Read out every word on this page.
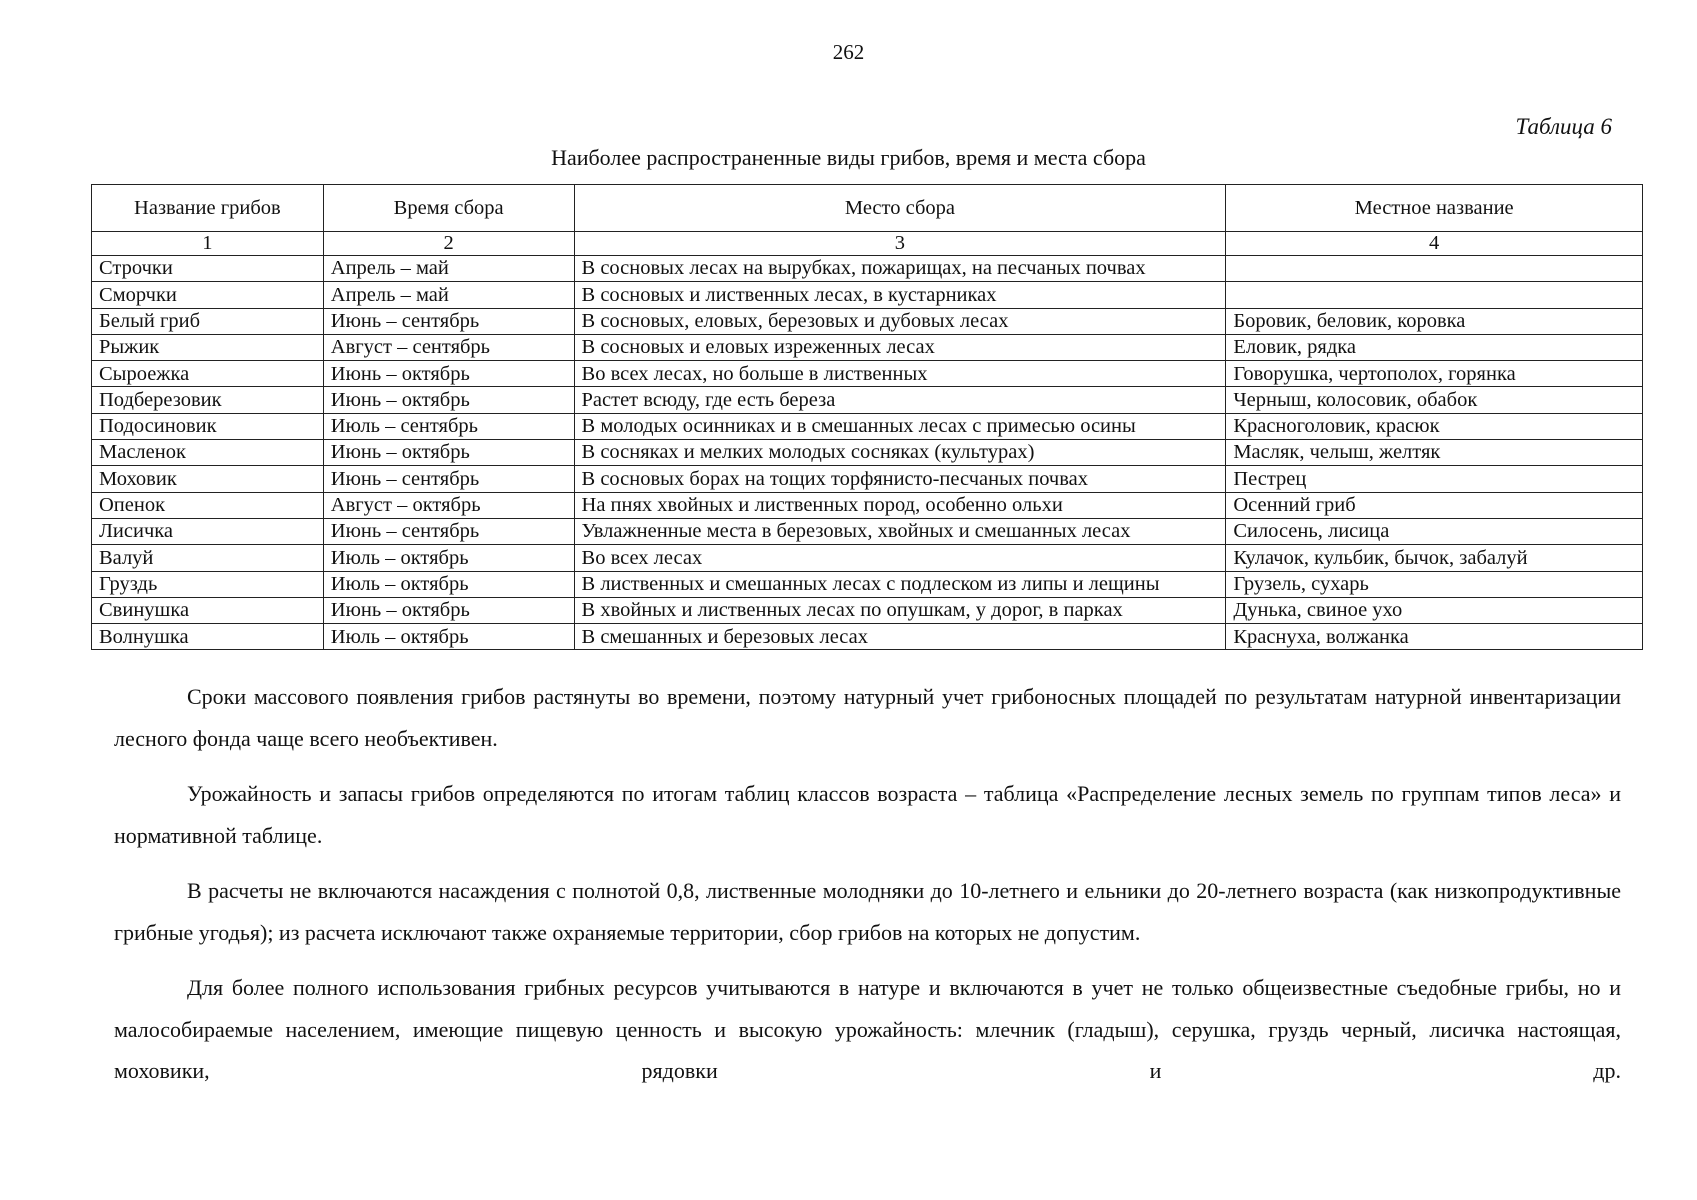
262
Таблица 6
Наиболее распространенные виды грибов, время и места сбора
Название грибов	Время сбора	Место сбора	Местное название
1	2	3	4
Строчки	Апрель – май	В сосновых лесах на вырубках, пожарищах, на песчаных почвах	
Сморчки	Апрель – май	В сосновых и лиственных лесах, в кустарниках	
Белый гриб	Июнь – сентябрь	В сосновых, еловых, березовых и дубовых лесах	Боровик, беловик, коровка
Рыжик	Август – сентябрь	В сосновых и еловых изреженных лесах	Еловик, рядка
Сыроежка	Июнь – октябрь	Во всех лесах, но больше в лиственных	Говорушка, чертополох, горянка
Подберезовик	Июнь – октябрь	Растет всюду, где есть береза	Черныш, колосовик, обабок
Подосиновик	Июль – сентябрь	В молодых осинниках и в смешанных лесах с примесью осины	Красноголовик, красюк
Масленок	Июнь – октябрь	В сосняках и мелких молодых сосняках (культурах)	Масляк, челыш, желтяк
Моховик	Июнь – сентябрь	В сосновых борах на тощих торфянисто-песчаных почвах	Пестрец
Опенок	Август – октябрь	На пнях хвойных и лиственных пород, особенно ольхи	Осенний гриб
Лисичка	Июнь – сентябрь	Увлажненные места в березовых, хвойных и смешанных лесах	Силосень, лисица
Валуй	Июль – октябрь	Во всех лесах	Кулачок, кульбик, бычок, забалуй
Груздь	Июль – октябрь	В лиственных и смешанных лесах с подлеском из липы и лещины	Грузель, сухарь
Свинушка	Июнь – октябрь	В хвойных и лиственных лесах по опушкам, у дорог, в парках	Дунька, свиное ухо
Волнушка	Июль – октябрь	В смешанных и березовых лесах	Краснуха, волжанка

Сроки массового появления грибов растянуты во времени, поэтому натурный учет грибоносных площадей по результатам натурной инвентаризации лесного фонда чаще всего необъективен.

Урожайность и запасы грибов определяются по итогам таблиц классов возраста – таблица «Распределение лесных земель по группам типов леса» и нормативной таблице.

В расчеты не включаются насаждения с полнотой 0,8, лиственные молодняки до 10-летнего и ельники до 20-летнего возраста (как низкопродуктивные грибные угодья); из расчета исключают также охраняемые территории, сбор грибов на которых не допустим.

Для более полного использования грибных ресурсов учитываются в натуре и включаются в учет не только общеизвестные съедобные грибы, но и малособираемые населением, имеющие пищевую ценность и высокую урожайность: млечник (гладыш), серушка, груздь черный, лисичка настоящая, моховики, рядовки и др.
